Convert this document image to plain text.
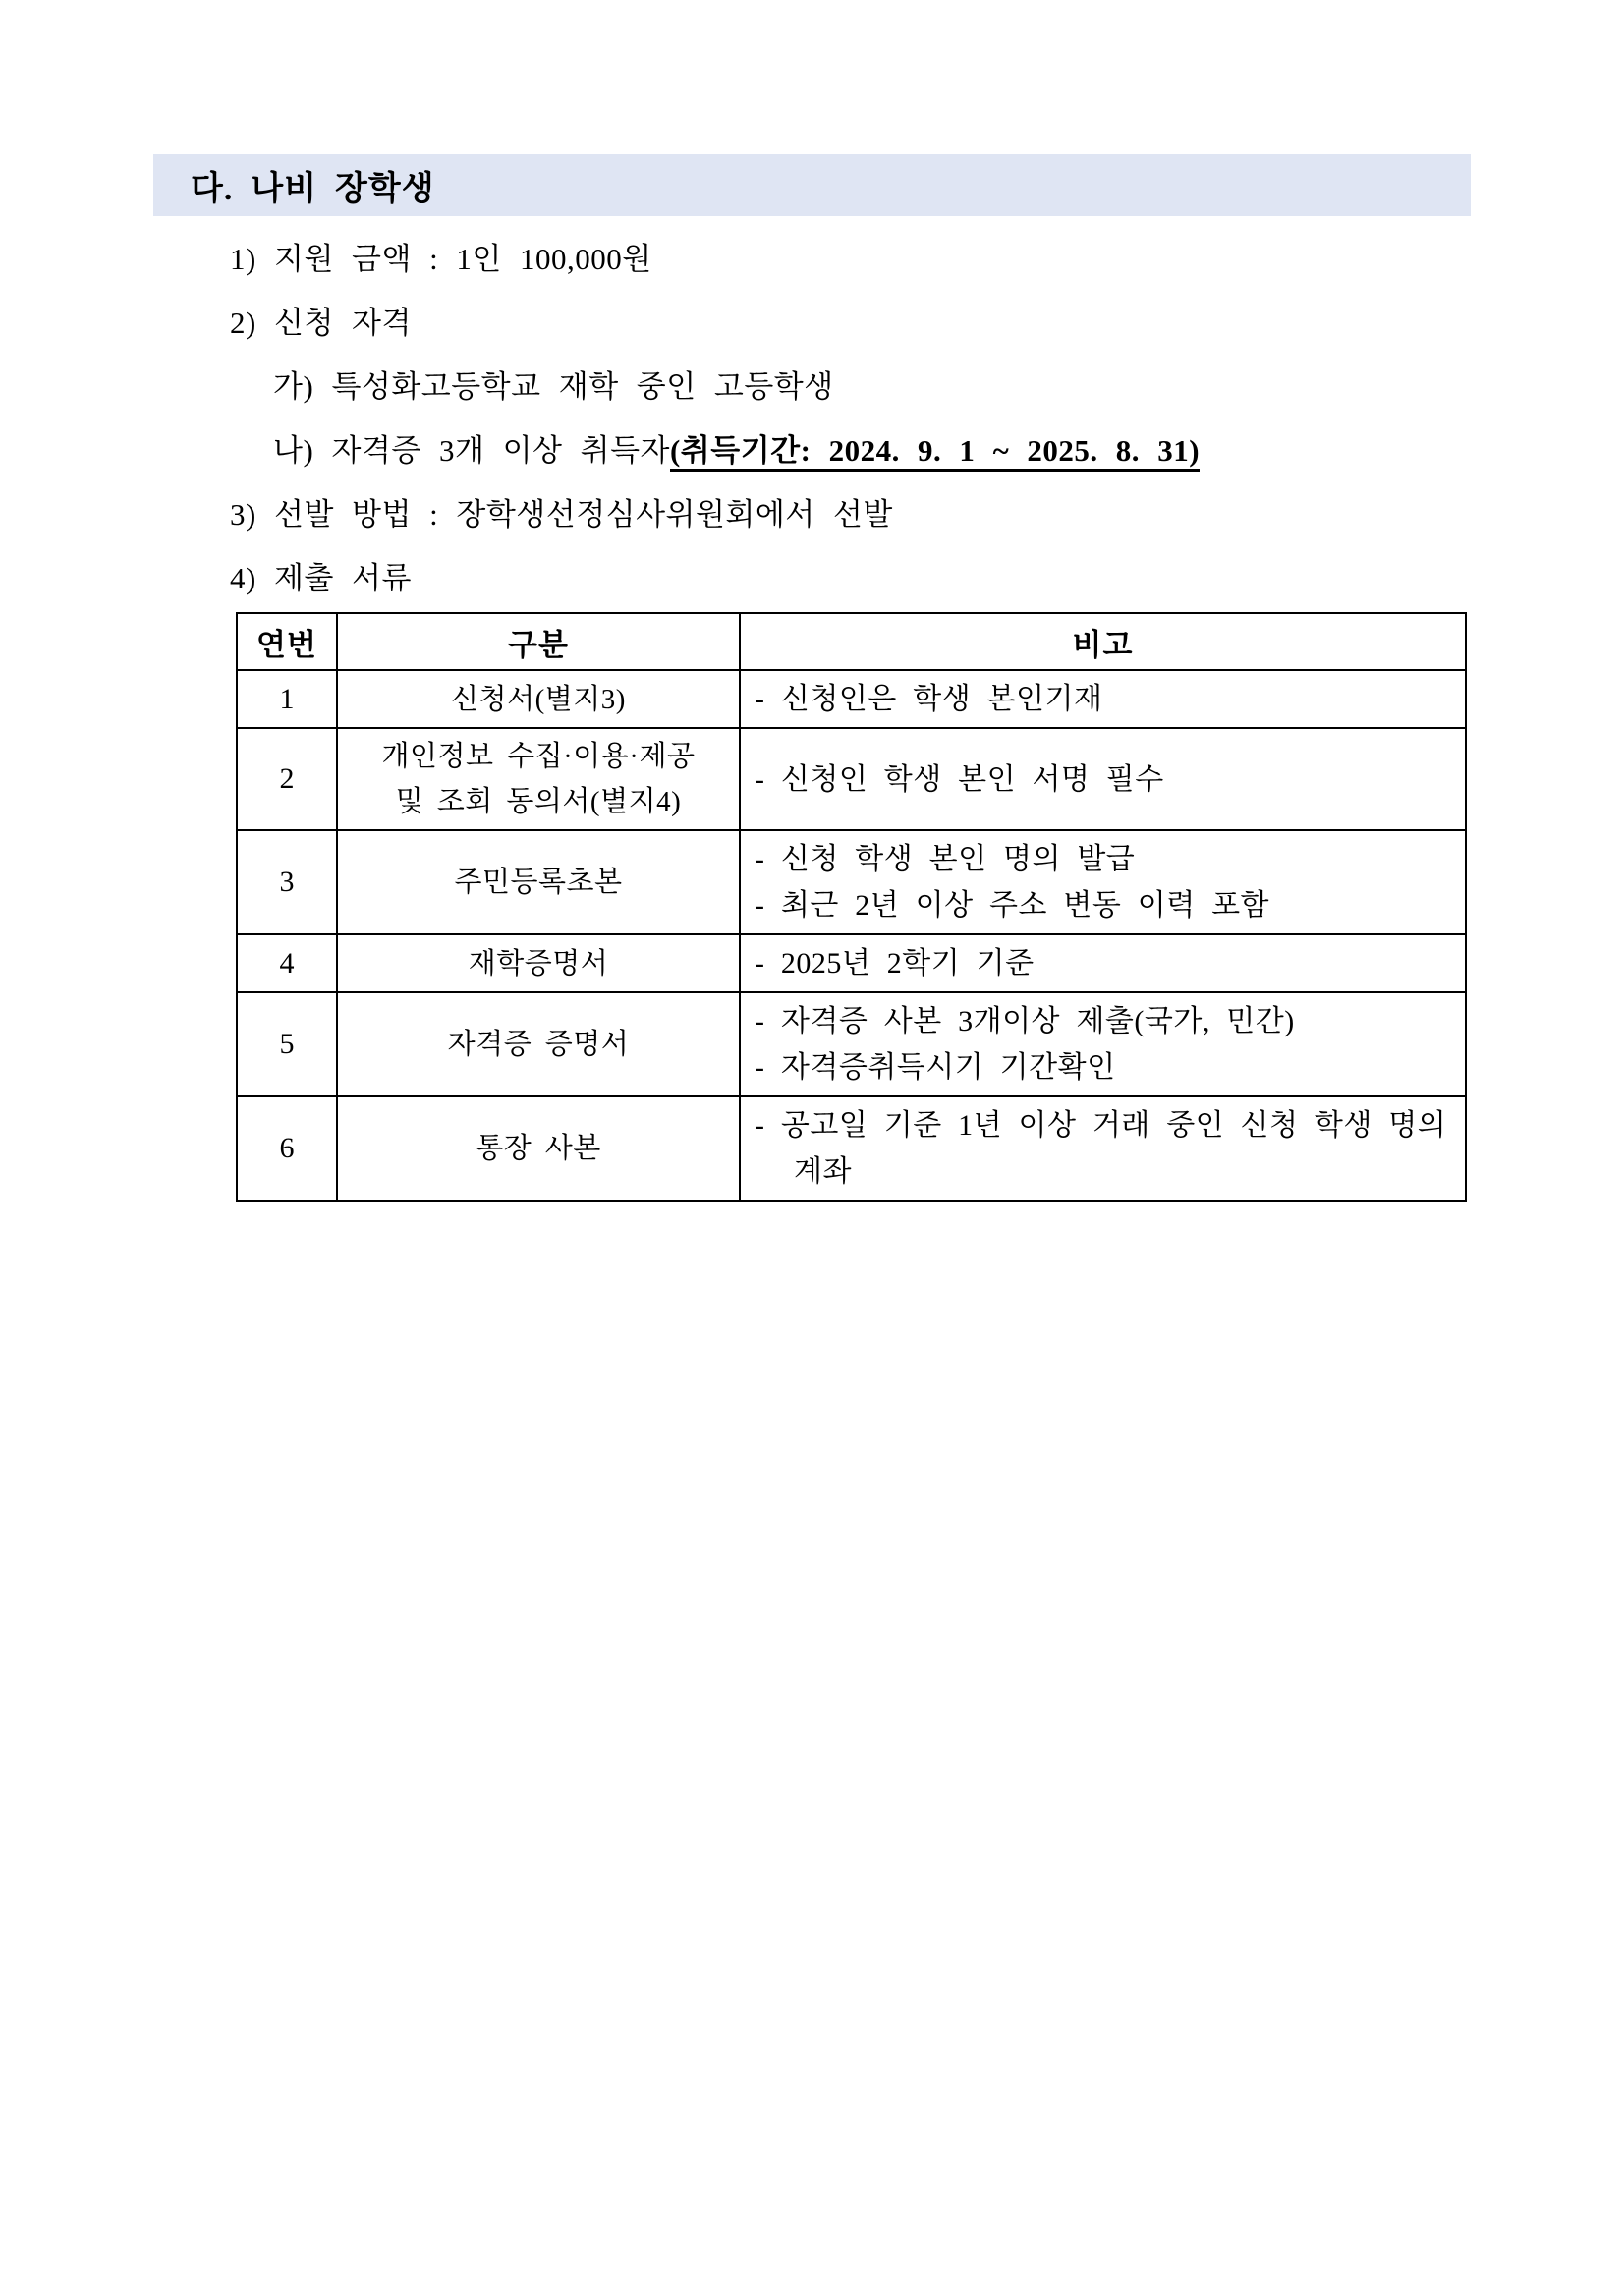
다. 나비 장학생
1) 지원 금액 : 1인 100,000원
2) 신청 자격
가) 특성화고등학교 재학 중인 고등학생
나) 자격증 3개 이상 취득자(취득기간: 2024. 9. 1 ~ 2025. 8. 31)
3) 선발 방법 : 장학생선정심사위원회에서 선발
4) 제출 서류
연번	구분	비고
1	신청서(별지3)	- 신청인은 학생 본인기재

2	개인정보 수집·이용·제공
및 조회 동의서(별지4)	- 신청인 학생 본인 서명 필수

3	주민등록초본	- 신청 학생 본인 명의 발급
- 최근 2년 이상 주소 변동 이력 포함

4	재학증명서	- 2025년 2학기 기준

5	자격증 증명서	- 자격증 사본 3개이상 제출(국가, 민간)
- 자격증취득시기 기간확인

6	통장 사본	- 공고일 기준 1년 이상 거래 중인 신청 학생 명의 계좌
